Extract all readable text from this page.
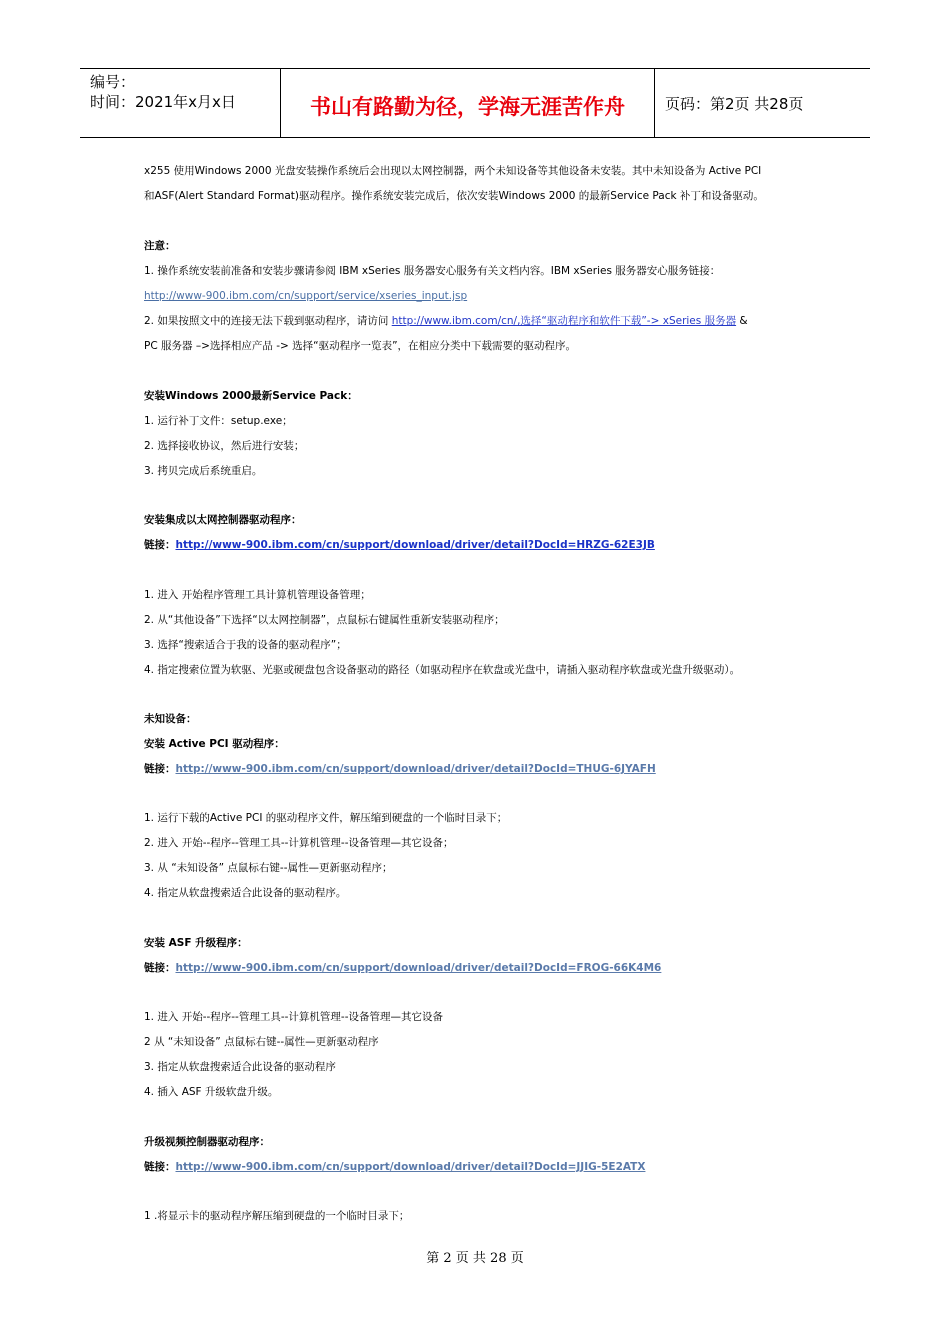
编号：
时间：2021年x月x日	书山有路勤为径，学海无涯苦作舟	页码：第2页 共28页
x255 使用Windows 2000 光盘安装操作系统后会出现以太网控制器，两个未知设备等其他设备未安装。其中未知设备为 Active PCI
和ASF(Alert Standard Format)驱动程序。操作系统安装完成后，依次安装Windows 2000 的最新Service Pack 补丁和设备驱动。
注意：
1. 操作系统安装前准备和安装步骤请参阅 IBM xSeries 服务器安心服务有关文档内容。IBM xSeries 服务器安心服务链接：
http://www-900.ibm.com/cn/support/service/xseries_input.jsp
2. 如果按照文中的连接无法下载到驱动程序，请访问 http://www.ibm.com/cn/,选择“驱动程序和软件下载”-> xSeries 服务器 &
PC 服务器 –>选择相应产品 -> 选择“驱动程序一览表”，在相应分类中下载需要的驱动程序。
安装Windows 2000最新Service Pack：
1. 运行补丁文件：setup.exe；
2. 选择接收协议，然后进行安装；
3. 拷贝完成后系统重启。
安装集成以太网控制器驱动程序：
链接：http://www-900.ibm.com/cn/support/download/driver/detail?DocId=HRZG-62E3JB
1. 进入 开始程序管理工具计算机管理设备管理；
2. 从“其他设备”下选择“以太网控制器”，点鼠标右键属性重新安装驱动程序；
3. 选择“搜索适合于我的设备的驱动程序”；
4. 指定搜索位置为软驱、光驱或硬盘包含设备驱动的路径（如驱动程序在软盘或光盘中，请插入驱动程序软盘或光盘升级驱动）。
未知设备：
安装 Active PCI 驱动程序：
链接：http://www-900.ibm.com/cn/support/download/driver/detail?DocId=THUG-6JYAFH
1. 运行下载的Active PCI 的驱动程序文件，解压缩到硬盘的一个临时目录下；
2. 进入 开始--程序--管理工具--计算机管理--设备管理—其它设备；
3. 从 “未知设备” 点鼠标右键--属性—更新驱动程序；
4. 指定从软盘搜索适合此设备的驱动程序。
安装 ASF 升级程序：
链接：http://www-900.ibm.com/cn/support/download/driver/detail?DocId=FROG-66K4M6
1. 进入 开始--程序--管理工具--计算机管理--设备管理—其它设备
2 从 “未知设备” 点鼠标右键--属性—更新驱动程序
3. 指定从软盘搜索适合此设备的驱动程序
4. 插入 ASF 升级软盘升级。
升级视频控制器驱动程序：
链接：http://www-900.ibm.com/cn/support/download/driver/detail?DocId=JJIG-5E2ATX
1 .将显示卡的驱动程序解压缩到硬盘的一个临时目录下；
第 2 页 共 28 页
